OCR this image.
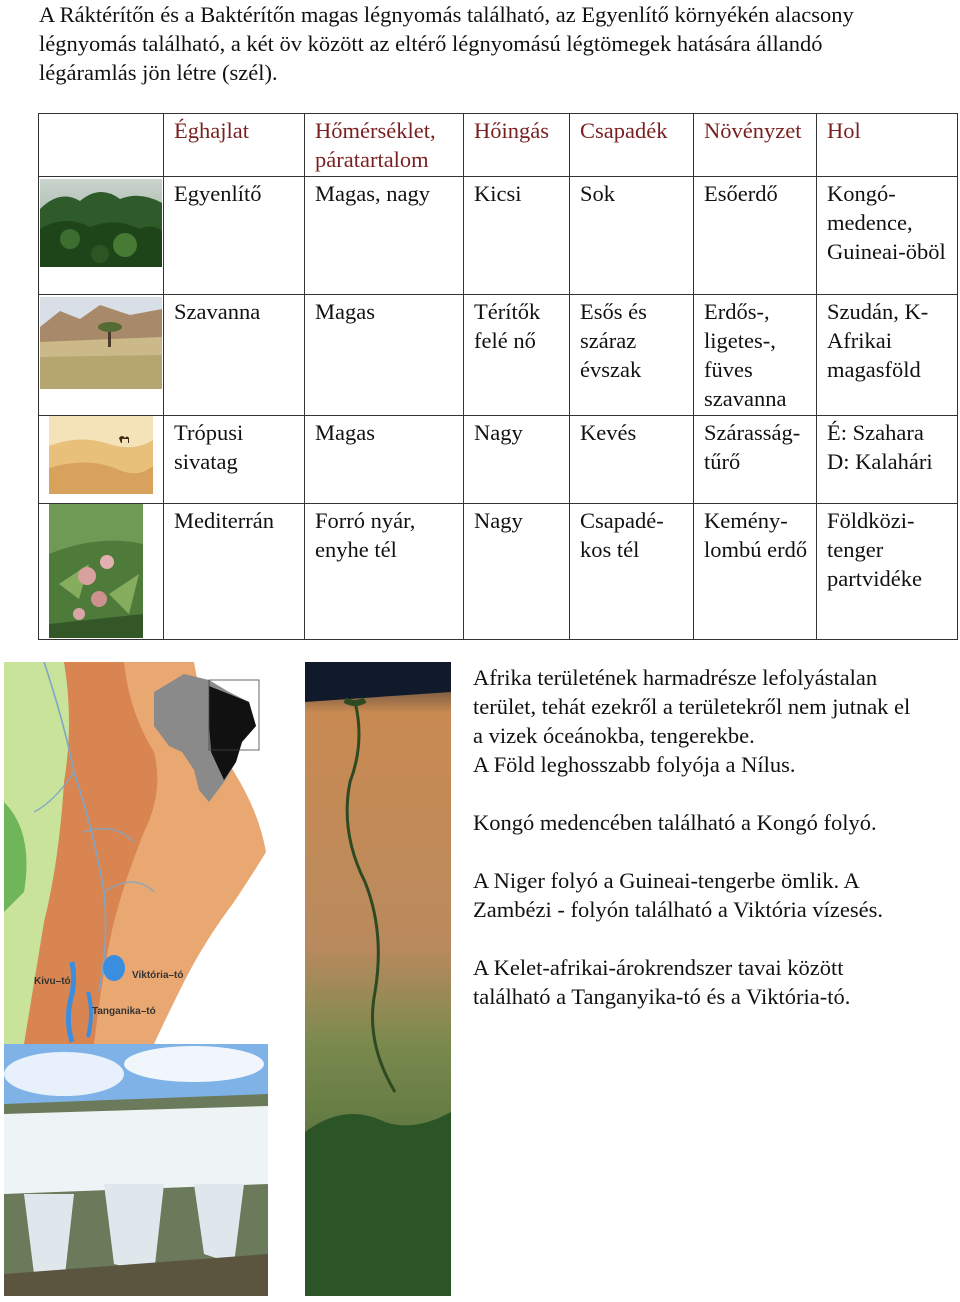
A Ráktérítőn és a Baktérítőn magas légnyomás található, az Egyenlítő környékén alacsony légnyomás található, a két öv között az eltérő légnyomású légtömegek hatására állandó légáramlás jön létre (szél).

	Éghajlat	Hőmérséklet, páratartalom	Hőingás	Csapadék	Növényzet	Hol

	Egyenlítő	Magas, nagy	Kicsi	Sok	Esőerdő	Kongó-medence, Guineai-öböl

	Szavanna	Magas	Térítők felé nő	Esős és száraz évszak	Erdős-, ligetes-, füves szavanna	Szudán, K-Afrikai magasföld

	Trópusi sivatag	Magas	Nagy	Kevés	Szárasság-tűrő	É: Szahara D: Kalahári

	Mediterrán	Forró nyár, enyhe tél	Nagy	Csapadé-kos tél	Kemény-lombú erdő	Földközi-tenger partvidéke
Kivu–tó
Viktória–tó
Tanganika–tó

Afrika területének harmadrésze lefolyástalan terület, tehát ezekről a területekről nem jutnak el a vizek óceánokba, tengerekbe.

A Föld leghosszabb folyója a Nílus.

Kongó medencében található a Kongó folyó.

A Niger folyó a Guineai-tengerbe ömlik. A Zambézi - folyón található a Viktória vízesés.

A Kelet-afrikai-árokrendszer tavai között található a Tanganyika-tó és a Viktória-tó.
